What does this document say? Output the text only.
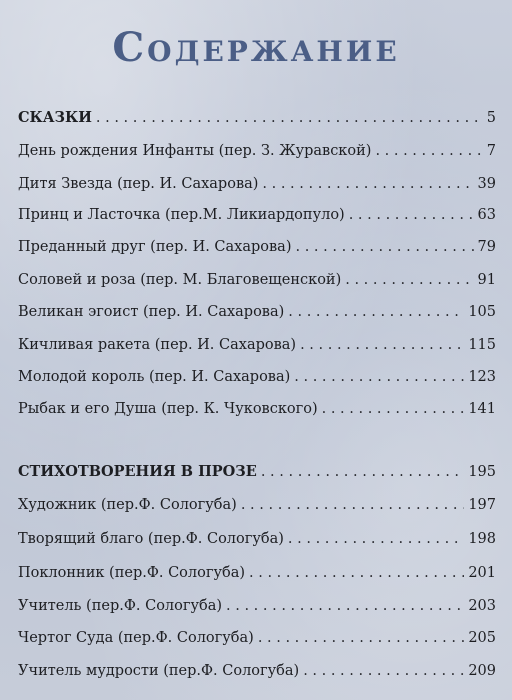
Содержание
СКАЗКИ . . .	5
День рождения Инфанты (пер. З. Журавской) . . .	7
Дитя Звезда (пер. И. Сахарова) . . .	39
Принц и Ласточка (пер.М. Ликиардопуло) . . .	63
Преданный друг (пер. И. Сахарова) . . .	79
Соловей и роза (пер. М. Благовещенской) . . .	91
Великан эгоист (пер. И. Сахарова) . . .	105
Кичливая ракета (пер. И. Сахарова) . . .	115
Молодой король (пер. И. Сахарова) . . .	123
Рыбак и его Душа (пер. К. Чуковского) . . .	141
СТИХОТВОРЕНИЯ В ПРОЗЕ . . .	195
Художник (пер.Ф. Сологуба) . . .	197
Творящий благо (пер.Ф. Сологуба) . . .	198
Поклонник (пер.Ф. Сологуба) . . .	201
Учитель (пер.Ф. Сологуба) . . .	203
Чертог Суда (пер.Ф. Сологуба) . . .	205
Учитель мудрости (пер.Ф. Сологуба) . . .	209
